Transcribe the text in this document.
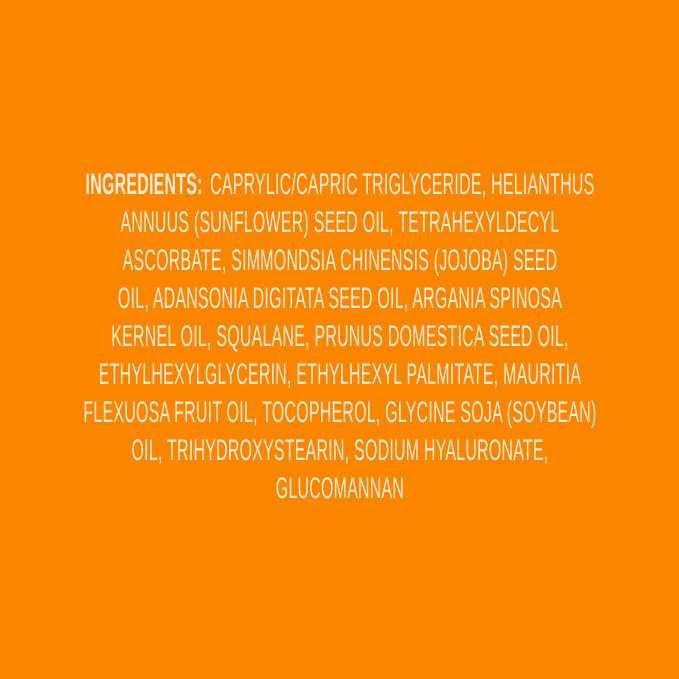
INGREDIENTS: CAPRYLIC/CAPRIC TRIGLYCERIDE, HELIANTHUS
ANNUUS (SUNFLOWER) SEED OIL, TETRAHEXYLDECYL
ASCORBATE, SIMMONDSIA CHINENSIS (JOJOBA) SEED
OIL, ADANSONIA DIGITATA SEED OIL, ARGANIA SPINOSA
KERNEL OIL, SQUALANE, PRUNUS DOMESTICA SEED OIL,
ETHYLHEXYLGLYCERIN, ETHYLHEXYL PALMITATE, MAURITIA
FLEXUOSA FRUIT OIL, TOCOPHEROL, GLYCINE SOJA (SOYBEAN)
OIL, TRIHYDROXYSTEARIN, SODIUM HYALURONATE,
GLUCOMANNAN
